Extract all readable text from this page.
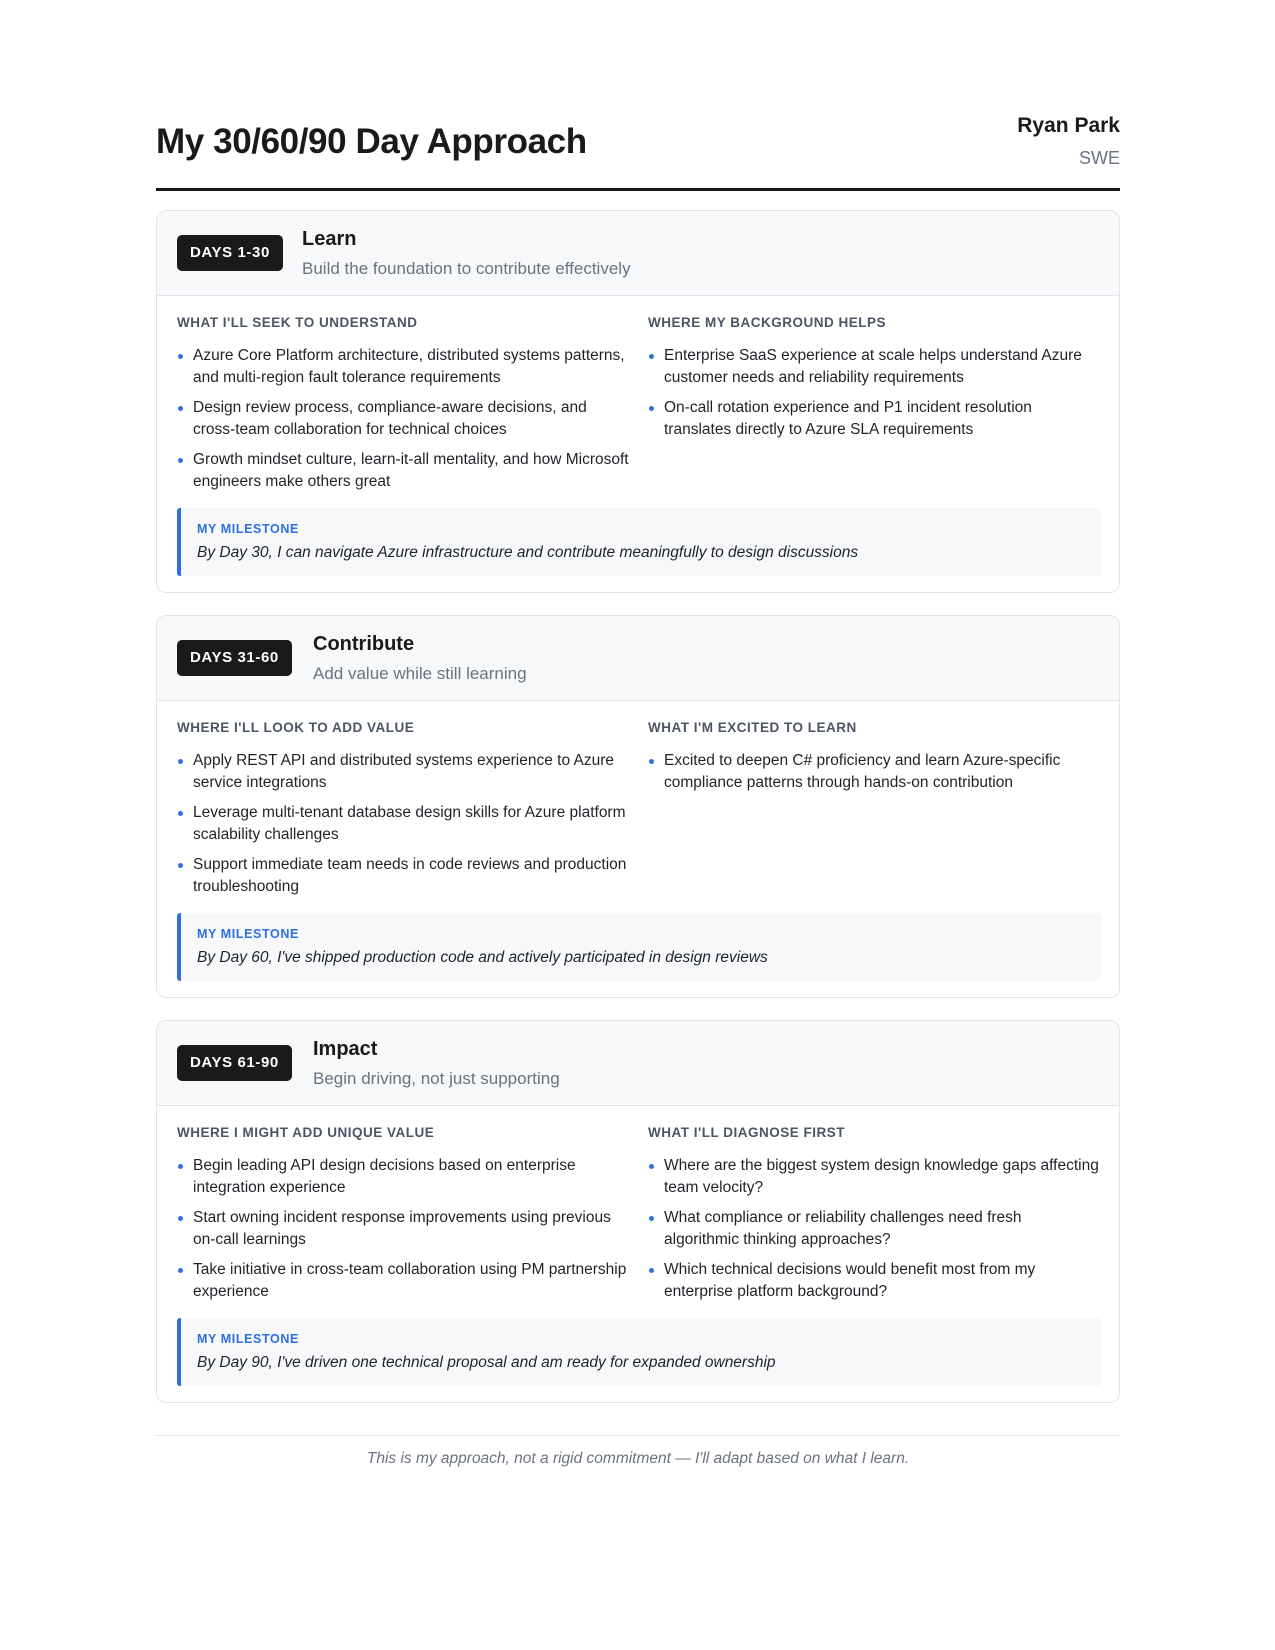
My 30/60/90 Day Approach	Ryan Park
SWE
DAYS 1-30
Learn
Build the foundation to contribute effectively
WHAT I'LL SEEK TO UNDERSTAND
Azure Core Platform architecture, distributed systems patterns, and multi-region fault tolerance requirements
Design review process, compliance-aware decisions, and cross-team collaboration for technical choices
Growth mindset culture, learn-it-all mentality, and how Microsoft engineers make others great
WHERE MY BACKGROUND HELPS
Enterprise SaaS experience at scale helps understand Azure customer needs and reliability requirements
On-call rotation experience and P1 incident resolution translates directly to Azure SLA requirements
MY MILESTONE
By Day 30, I can navigate Azure infrastructure and contribute meaningfully to design discussions
DAYS 31-60
Contribute
Add value while still learning
WHERE I'LL LOOK TO ADD VALUE
Apply REST API and distributed systems experience to Azure service integrations
Leverage multi-tenant database design skills for Azure platform scalability challenges
Support immediate team needs in code reviews and production troubleshooting
WHAT I'M EXCITED TO LEARN
Excited to deepen C# proficiency and learn Azure-specific compliance patterns through hands-on contribution
MY MILESTONE
By Day 60, I've shipped production code and actively participated in design reviews
DAYS 61-90
Impact
Begin driving, not just supporting
WHERE I MIGHT ADD UNIQUE VALUE
Begin leading API design decisions based on enterprise integration experience
Start owning incident response improvements using previous on-call learnings
Take initiative in cross-team collaboration using PM partnership experience
WHAT I'LL DIAGNOSE FIRST
Where are the biggest system design knowledge gaps affecting team velocity?
What compliance or reliability challenges need fresh algorithmic thinking approaches?
Which technical decisions would benefit most from my enterprise platform background?
MY MILESTONE
By Day 90, I've driven one technical proposal and am ready for expanded ownership
This is my approach, not a rigid commitment — I'll adapt based on what I learn.
